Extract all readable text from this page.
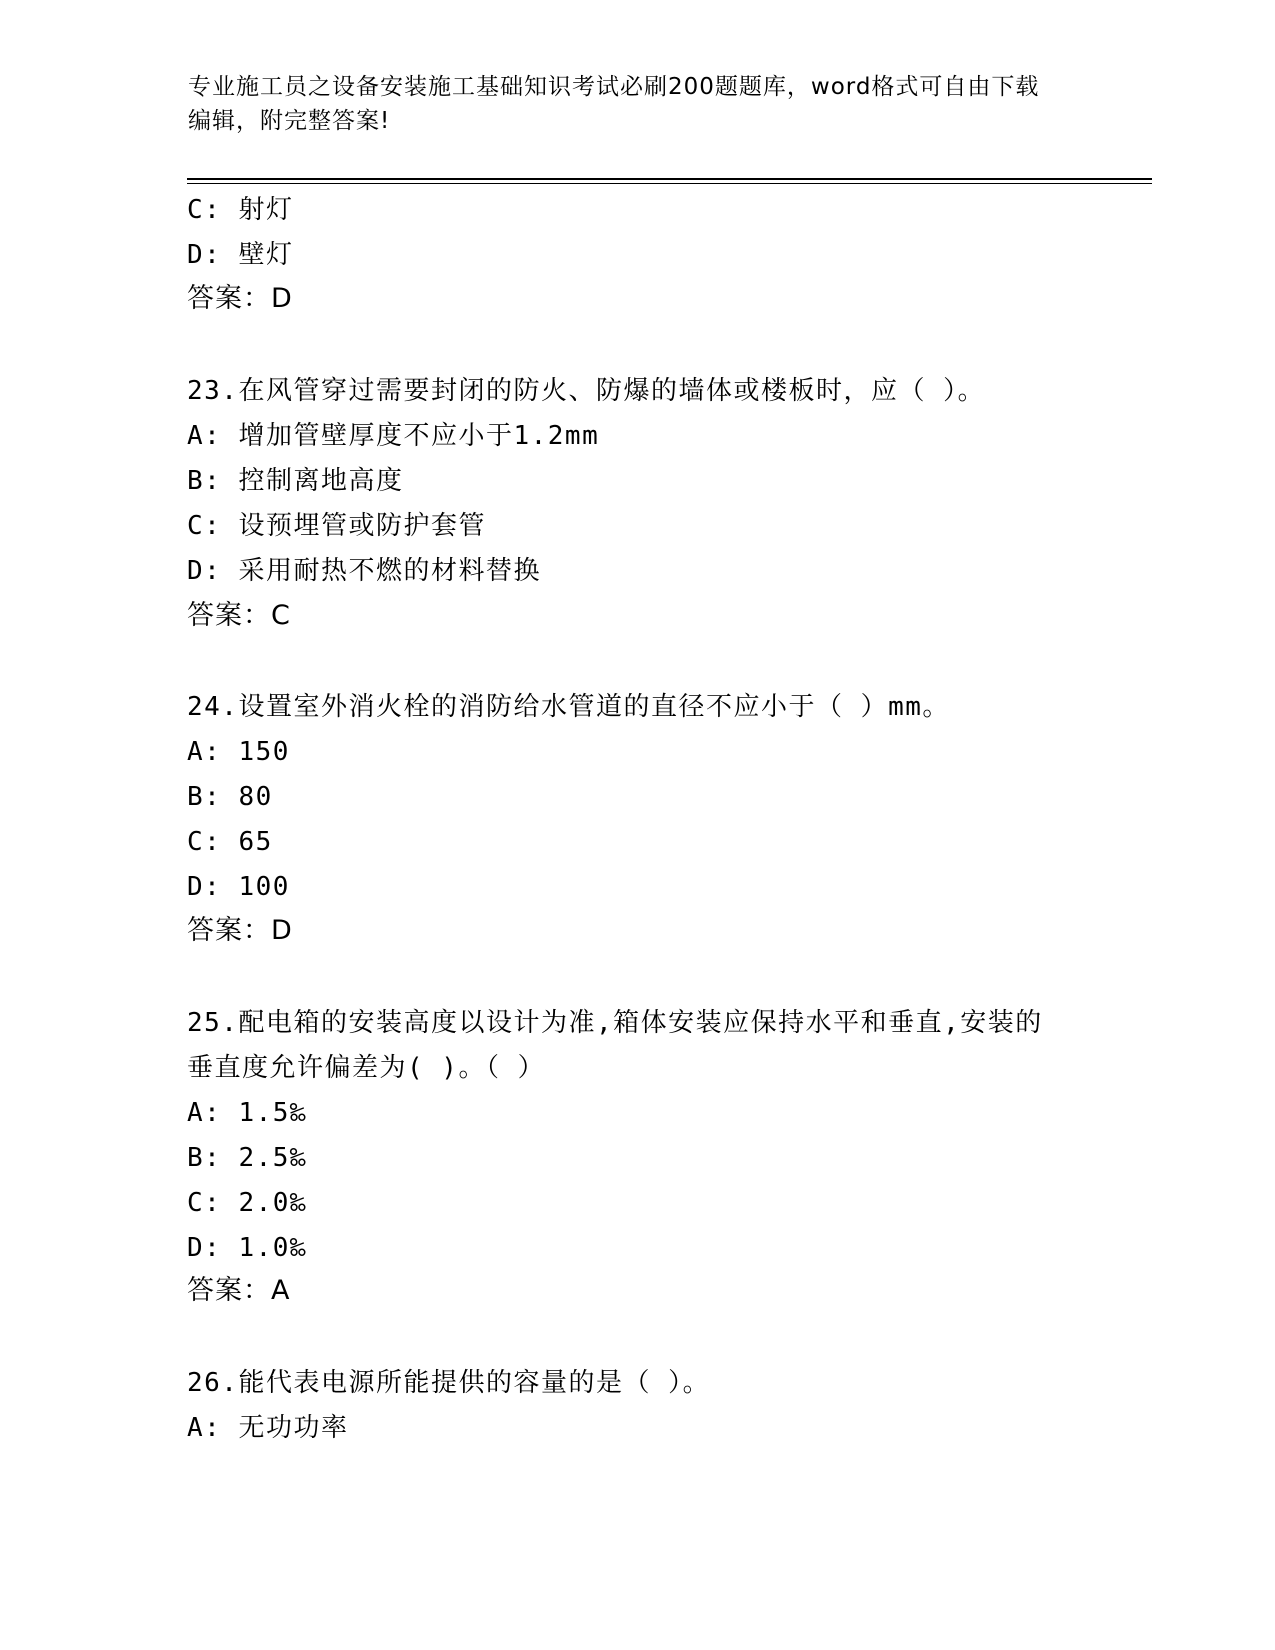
专业施工员之设备安装施工基础知识考试必刷200题题库，word格式可自由下载
编辑，附完整答案!
C: 射灯
D: 壁灯
答案：D
23.在风管穿过需要封闭的防火、防爆的墙体或楼板时，应（ ）。
A: 增加管壁厚度不应小于1.2mm
B: 控制离地高度
C: 设预埋管或防护套管
D: 采用耐热不燃的材料替换
答案：C
24.设置室外消火栓的消防给水管道的直径不应小于（ ）mm。
A: 150
B: 80
C: 65
D: 100
答案：D
25.配电箱的安装高度以设计为准,箱体安装应保持水平和垂直,安装的
垂直度允许偏差为( )。（ ）
A: 1.5‰
B: 2.5‰
C: 2.0‰
D: 1.0‰
答案：A
26.能代表电源所能提供的容量的是（ ）。
A: 无功功率
